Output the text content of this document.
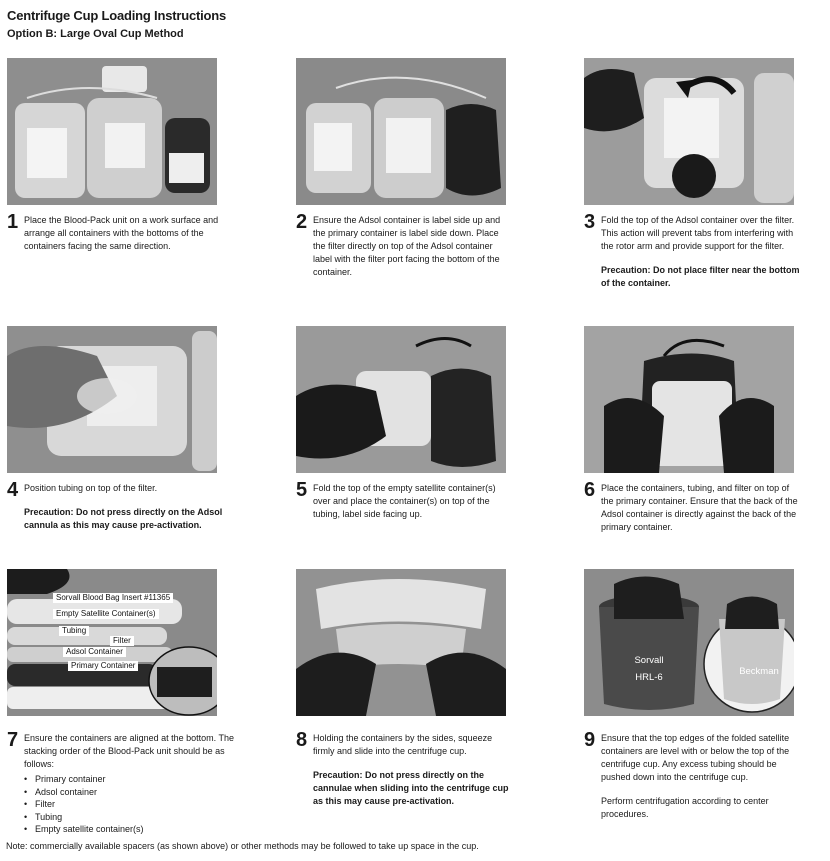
Centrifuge Cup Loading Instructions
Option B: Large Oval Cup Method
1 Place the Blood-Pack unit on a work surface and arrange all containers with the bottoms of the containers facing the same direction.

2 Ensure the Adsol container is label side up and the primary container is label side down. Place the filter directly on top of the Adsol container label with the filter port facing the bottom of the container.

3 Fold the top of the Adsol container over the filter. This action will prevent tabs from interfering with the rotor arm and provide support for the filter.

Precaution: Do not place filter near the bottom of the container.

4 Position tubing on top of the filter.

Precaution: Do not press directly on the Adsol cannula as this may cause pre-activation.

5 Fold the top of the empty satellite container(s) over and place the container(s) on top of the tubing, label side facing up.

6 Place the containers, tubing, and filter on top of the primary container. Ensure that the back of the Adsol container is directly against the back of the primary container.

Sorvall Blood Bag Insert #11365
Empty Satellite Container(s)
Tubing
Filter
Adsol Container
Primary Container	Sorvall
HRL-6
Beckman
7 Ensure the containers are aligned at the bottom. The stacking order of the Blood-Pack unit should be as follows:

• Primary container
• Adsol container
• Filter
• Tubing
• Empty satellite container(s)
8 Holding the containers by the sides, squeeze firmly and slide into the centrifuge cup.

Precaution: Do not press directly on the cannulae when sliding into the centrifuge cup as this may cause pre-activation.

9 Ensure that the top edges of the folded satellite containers are level with or below the top of the centrifuge cup. Any excess tubing should be pushed down into the centrifuge cup.

Perform centrifugation according to center procedures.

Note: commercially available spacers (as shown above) or other methods may be followed to take up space in the cup.
